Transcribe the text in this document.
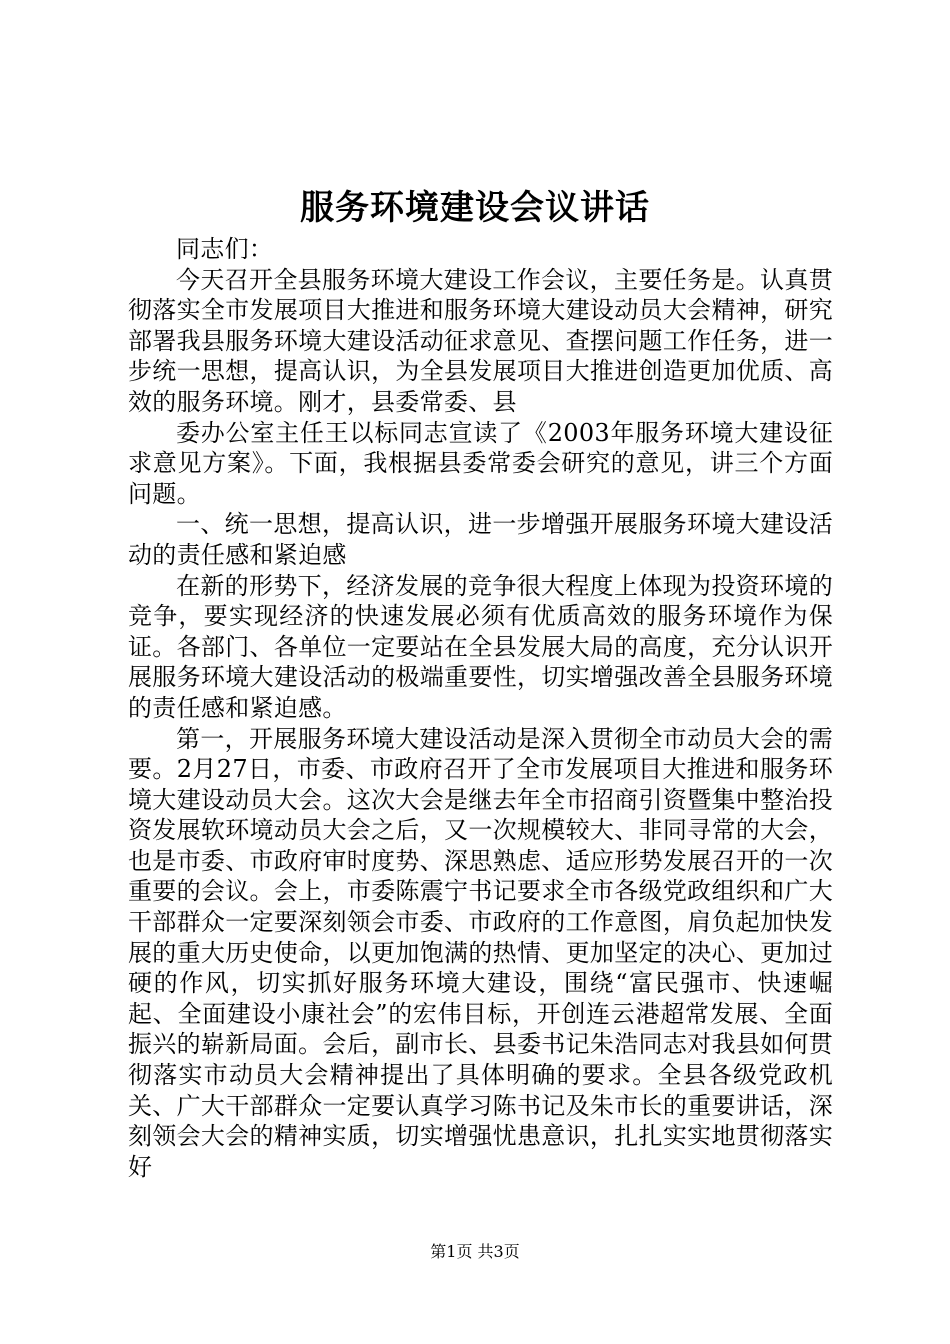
服务环境建设会议讲话

同志们：

今天召开全县服务环境大建设工作会议，主要任务是。认真贯彻落实全市发展项目大推进和服务环境大建设动员大会精神，研究部署我县服务环境大建设活动征求意见、查摆问题工作任务，进一步统一思想，提高认识，为全县发展项目大推进创造更加优质、高效的服务环境。刚才，县委常委、县

委办公室主任王以标同志宣读了《2003年服务环境大建设征求意见方案》。下面，我根据县委常委会研究的意见，讲三个方面问题。

一、统一思想，提高认识，进一步增强开展服务环境大建设活动的责任感和紧迫感

在新的形势下，经济发展的竞争很大程度上体现为投资环境的竞争，要实现经济的快速发展必须有优质高效的服务环境作为保证。各部门、各单位一定要站在全县发展大局的高度，充分认识开展服务环境大建设活动的极端重要性，切实增强改善全县服务环境的责任感和紧迫感。

第一，开展服务环境大建设活动是深入贯彻全市动员大会的需要。2月27日，市委、市政府召开了全市发展项目大推进和服务环境大建设动员大会。这次大会是继去年全市招商引资暨集中整治投资发展软环境动员大会之后，又一次规模较大、非同寻常的大会，也是市委、市政府审时度势、深思熟虑、适应形势发展召开的一次重要的会议。会上，市委陈震宁书记要求全市各级党政组织和广大干部群众一定要深刻领会市委、市政府的工作意图，肩负起加快发展的重大历史使命，以更加饱满的热情、更加坚定的决心、更加过硬的作风，切实抓好服务环境大建设，围绕“富民强市、快速崛起、全面建设小康社会”的宏伟目标，开创连云港超常发展、全面振兴的崭新局面。会后，副市长、县委书记朱浩同志对我县如何贯彻落实市动员大会精神提出了具体明确的要求。全县各级党政机关、广大干部群众一定要认真学习陈书记及朱市长的重要讲话，深刻领会大会的精神实质，切实增强忧患意识，扎扎实实地贯彻落实好

第1页 共3页
